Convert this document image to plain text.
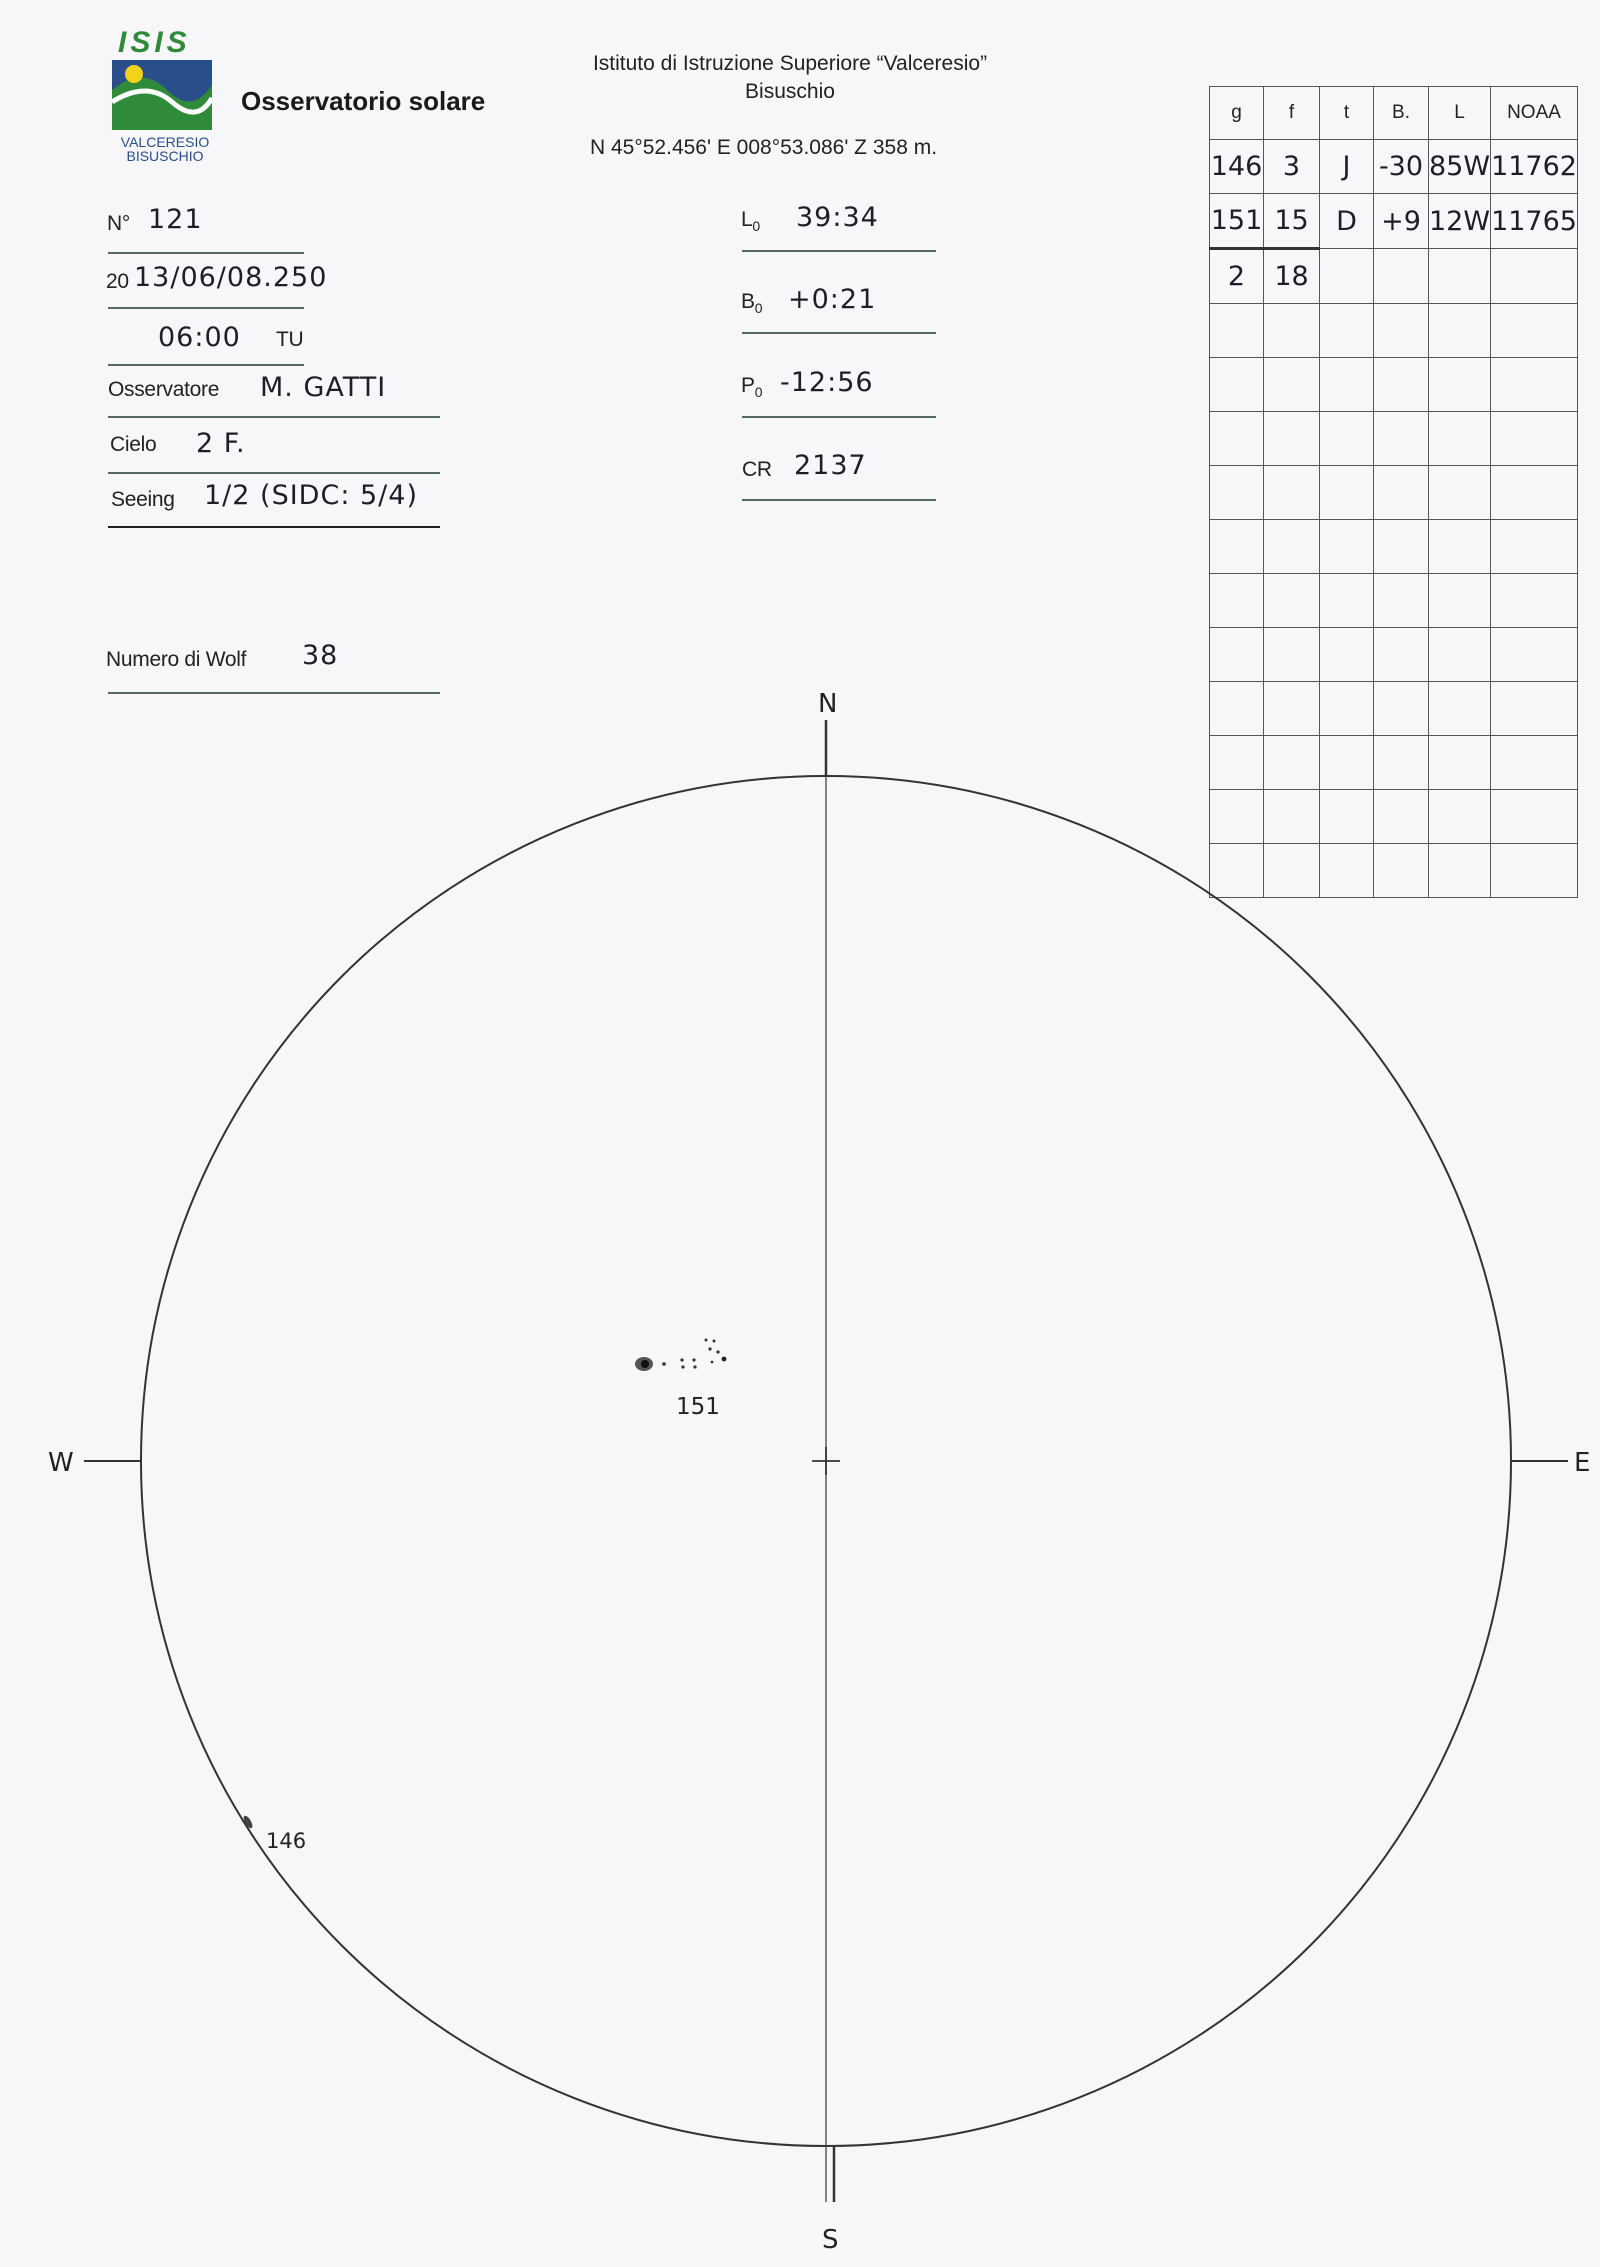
ISIS
VALCERESIO
BISUSCHIO
Osservatorio solare
Istituto di Istruzione Superiore “Valceresio”
Bisuschio
N 45°52.456' E 008°53.086' Z 358 m.
N° 121
20 13/06/08.250
06:00 TU
Osservatore M. GATTI
Cielo 2 F.
Seeing 1/2 (SIDC: 5/4)
Numero di Wolf 38
$L_0$ 39:34
$B_0$ +0:21
$P_0$ -12:56
CR 2137
g	f	t	B.	L	NOAA
146	3	J	-30	85W	11762
151	15	D	+9	12W	11765
2	18				

N
S
W	E
151
146
